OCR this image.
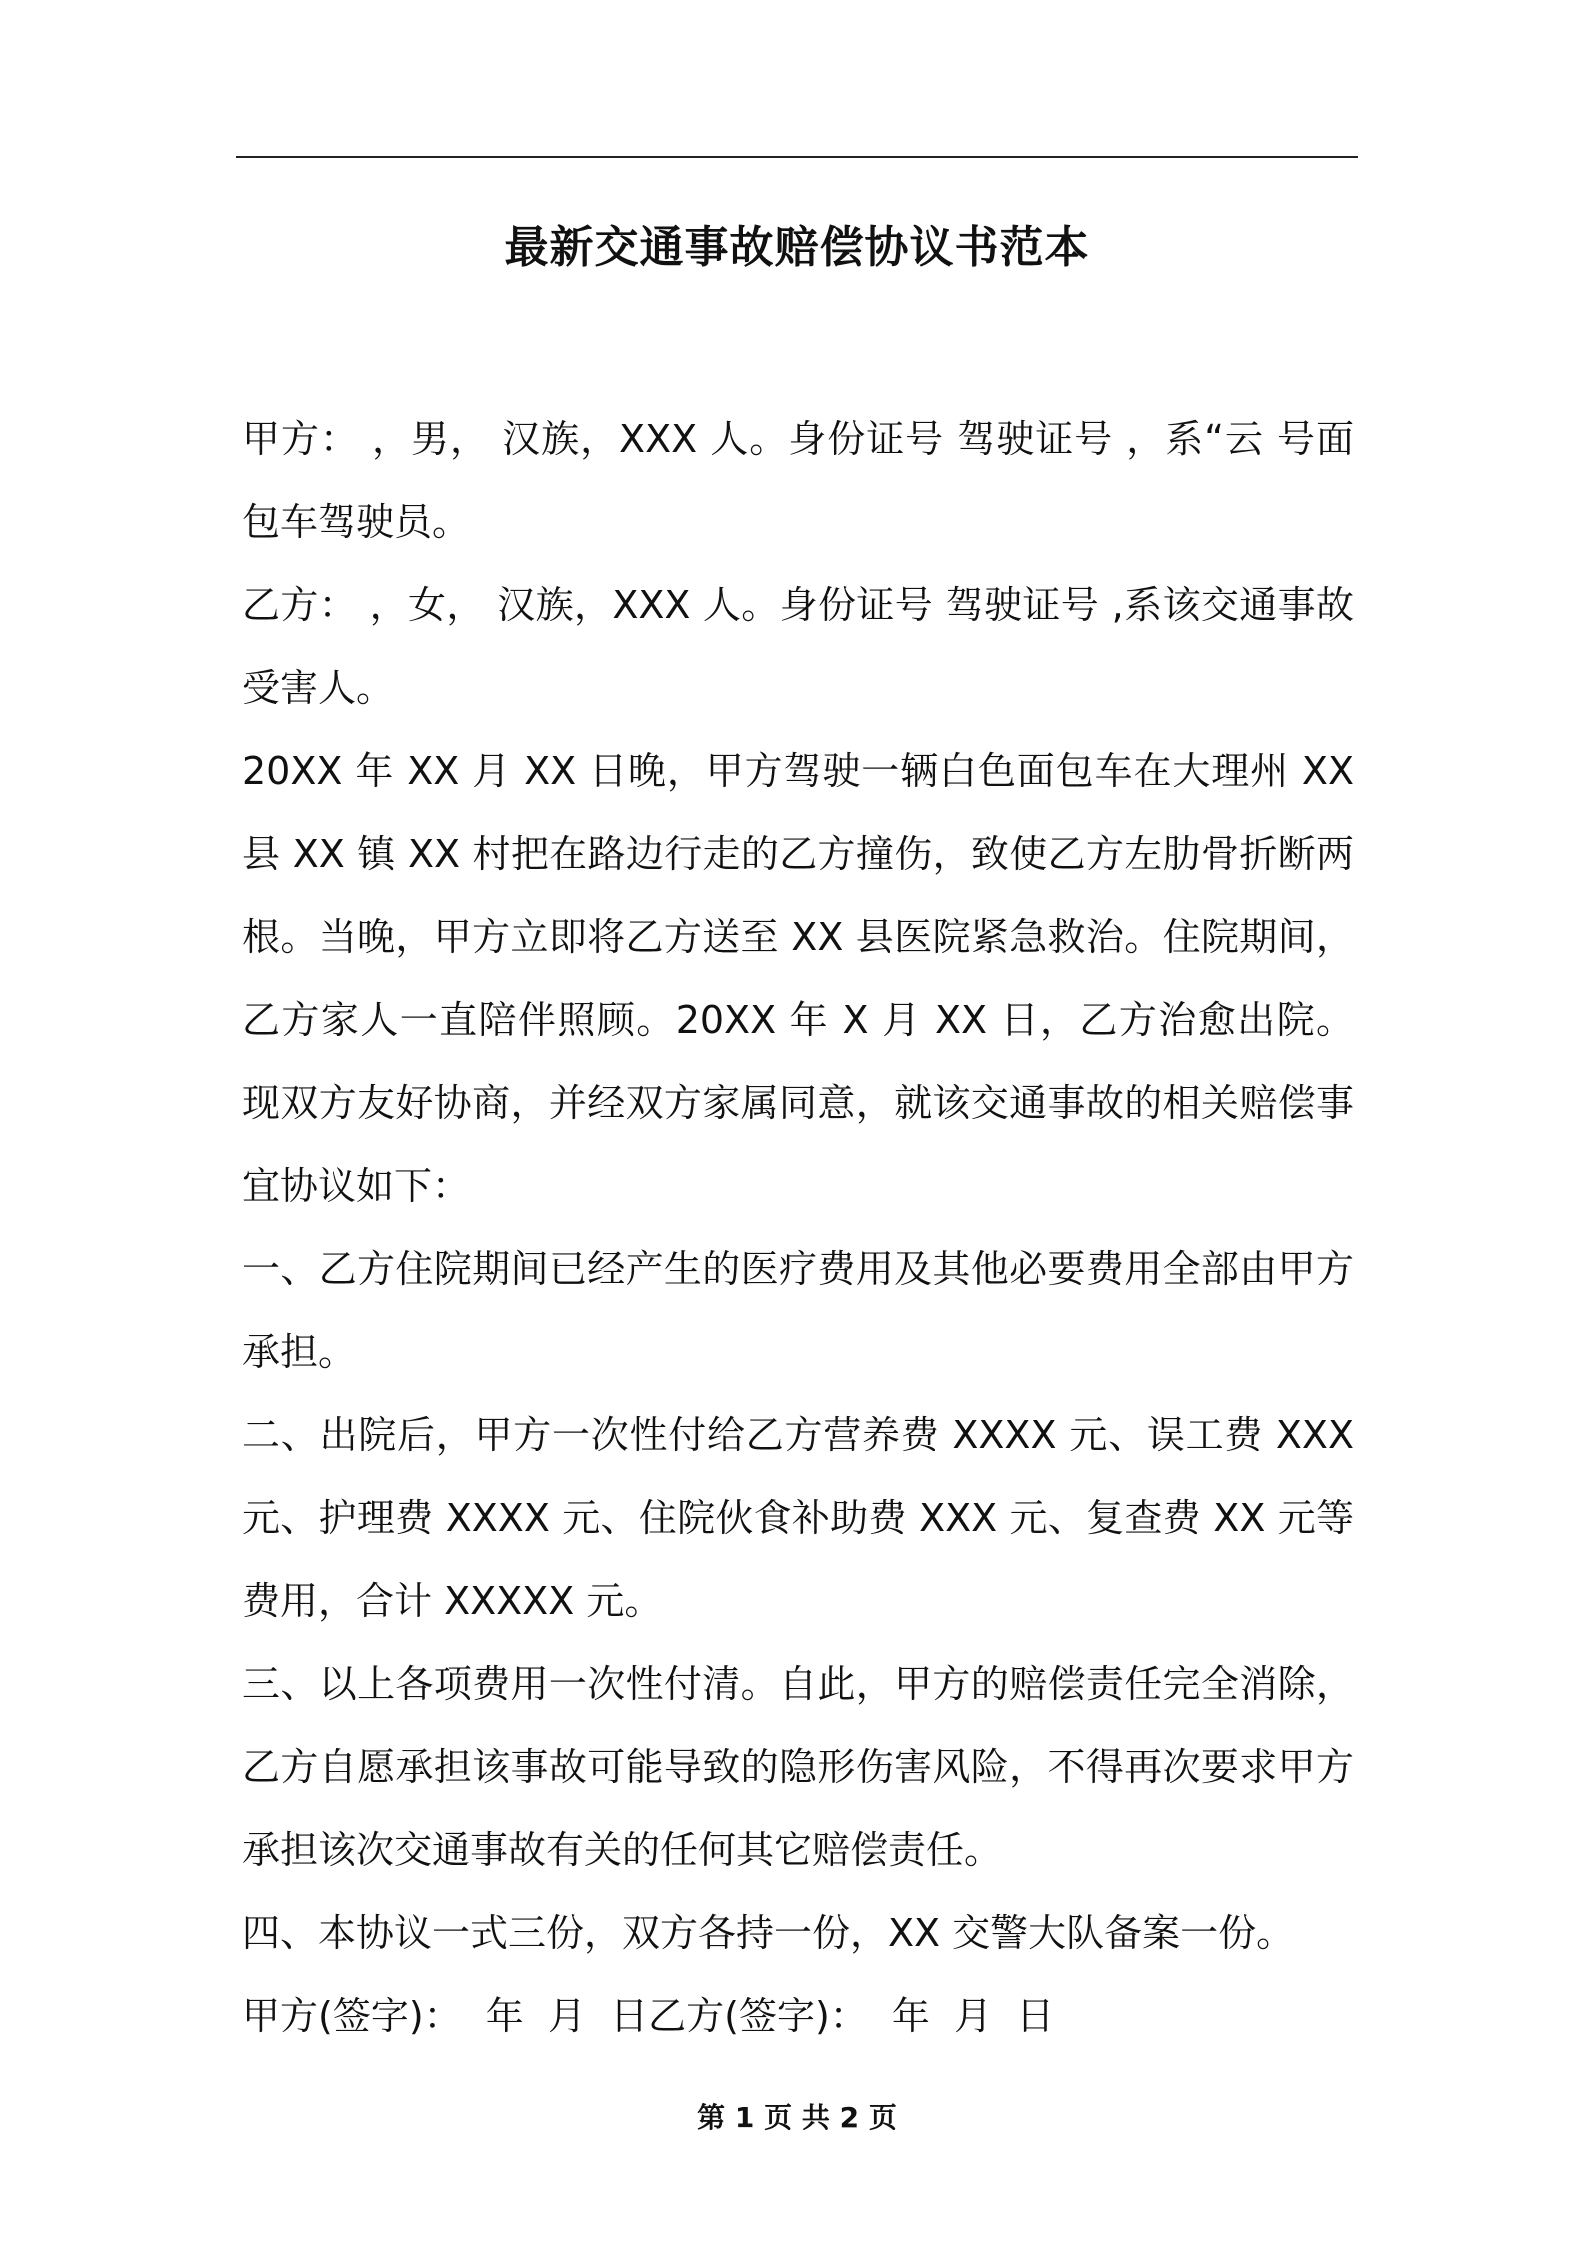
最新交通事故赔偿协议书范本

甲方： ，男， 汉族，XXX 人。身份证号 驾驶证号 ，系“云 号面包车驾驶员。

乙方： ，女， 汉族，XXX 人。身份证号 驾驶证号 ,系该交通事故受害人。

20XX 年 XX 月 XX 日晚，甲方驾驶一辆白色面包车在大理州 XX 县 XX 镇 XX 村把在路边行走的乙方撞伤，致使乙方左肋骨折断两根。当晚，甲方立即将乙方送至 XX 县医院紧急救治。住院期间，乙方家人一直陪伴照顾。20XX 年 X 月 XX 日，乙方治愈出院。现双方友好协商，并经双方家属同意，就该交通事故的相关赔偿事宜协议如下：

一、乙方住院期间已经产生的医疗费用及其他必要费用全部由甲方承担。

二、出院后，甲方一次性付给乙方营养费 XXXX 元、误工费 XXX 元、护理费 XXXX 元、住院伙食补助费 XXX 元、复查费 XX 元等费用，合计 XXXXX 元。

三、以上各项费用一次性付清。自此，甲方的赔偿责任完全消除，乙方自愿承担该事故可能导致的隐形伤害风险，不得再次要求甲方承担该次交通事故有关的任何其它赔偿责任。

四、本协议一式三份，双方各持一份，XX 交警大队备案一份。

甲方(签字)：  年  月  日乙方(签字)：  年  月  日

第 1 页 共 2 页
